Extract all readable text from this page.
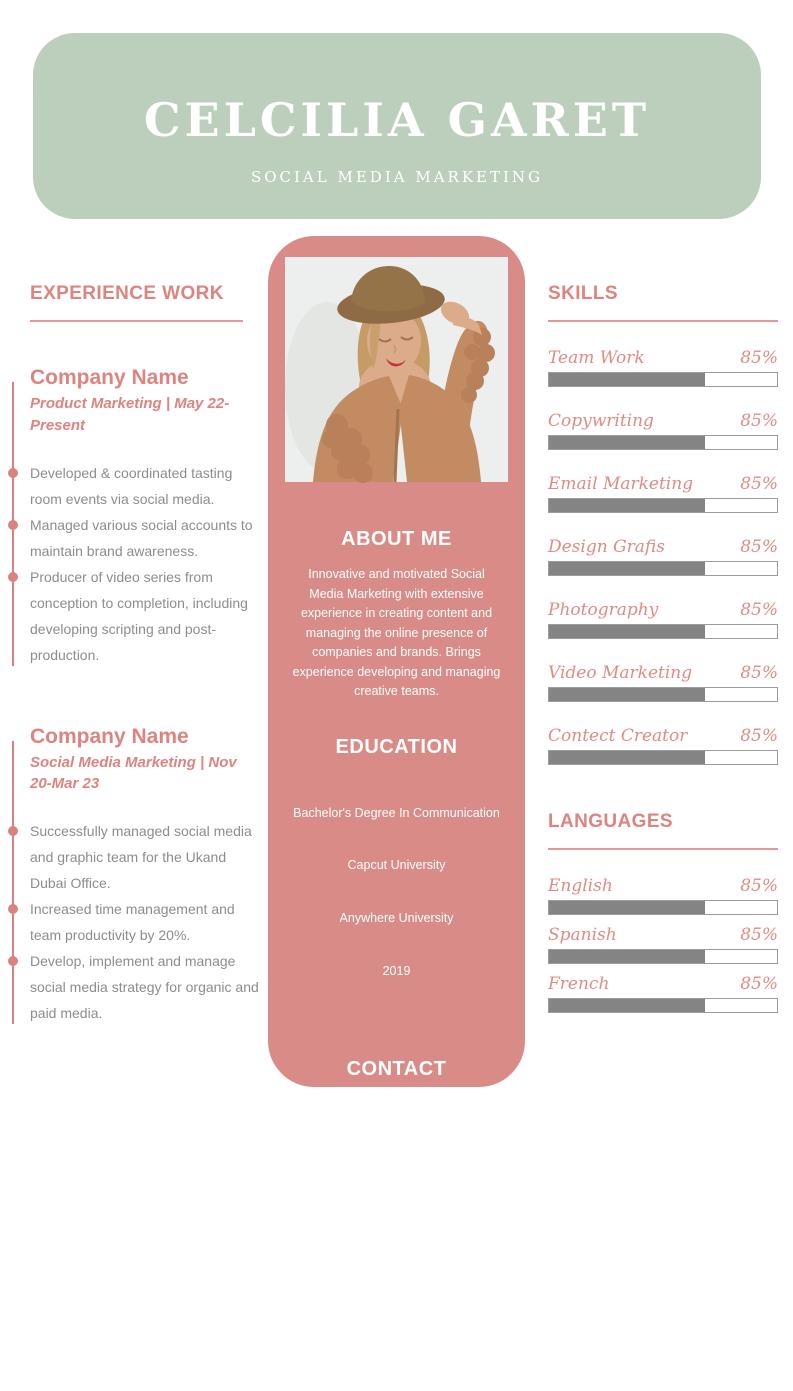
CELCILIA GARET
SOCIAL MEDIA MARKETING
EXPERIENCE WORK
Company Name
Product Marketing | May 22-Present
Developed & coordinated tasting room events via social media.
Managed various social accounts to maintain brand awareness.
Producer of video series from conception to completion, including developing scripting and post-production.
Company Name
Social Media Marketing | Nov 20-Mar 23
Successfully managed social media and graphic team for the Ukand Dubai Office.
Increased time management and team productivity by 20%.
Develop, implement and manage social media strategy for organic and paid media.
ABOUT ME

Innovative and motivated Social Media Marketing with extensive experience in creating content and managing the online presence of companies and brands. Brings experience developing and managing creative teams.

EDUCATION

Bachelor's Degree In Communication

Capcut University

Anywhere University

2019

CONTACT

+123  456 789

hello@capcut.com

@capcut

123 Anywhere St.,

Anywhere City, ST 1234

SKILLS
Team Work	85%
Copywriting	85%
Email Marketing	85%
Design Grafis	85%
Photography	85%
Video Marketing	85%
Contect Creator	85%
LANGUAGES
English	85%
Spanish	85%
French	85%
